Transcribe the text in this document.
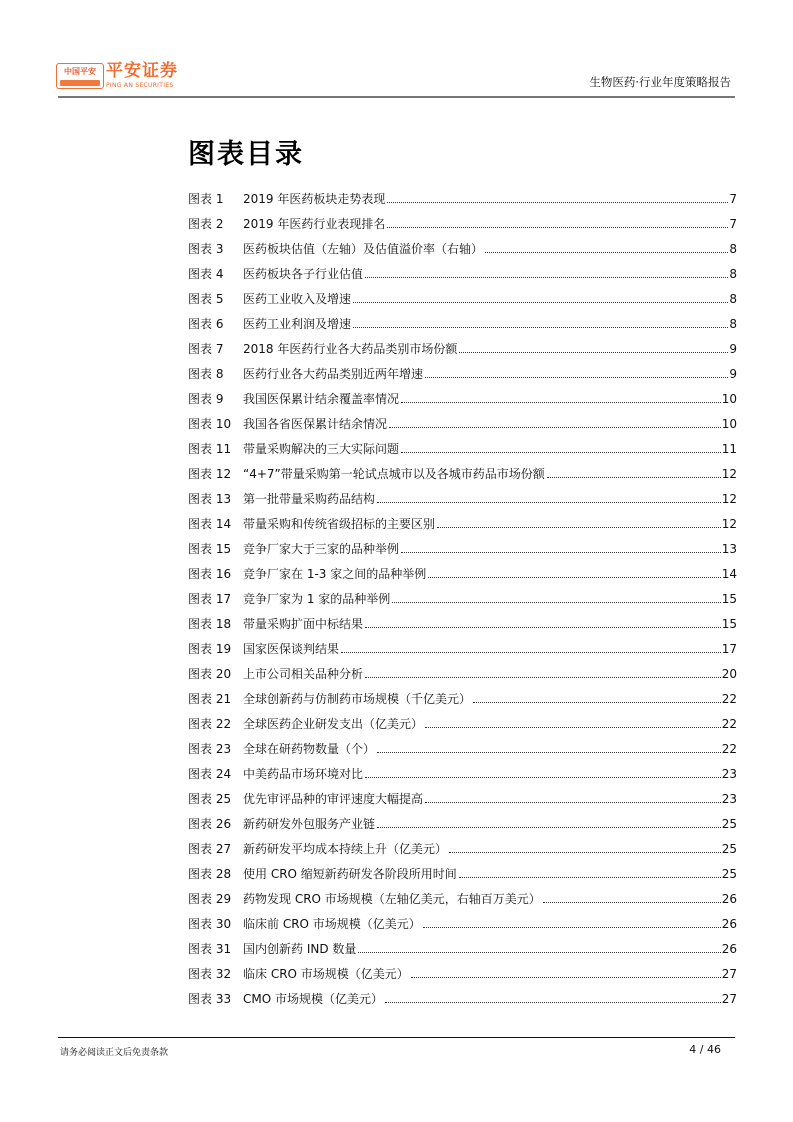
中国平安 平安证券
PING AN SECURITIES	生物医药·行业年度策略报告
图表目录
图表 1	2019 年医药板块走势表现	7
图表 2	2019 年医药行业表现排名	7
图表 3	医药板块估值（左轴）及估值溢价率（右轴）	8
图表 4	医药板块各子行业估值	8
图表 5	医药工业收入及增速	8
图表 6	医药工业利润及增速	8
图表 7	2018 年医药行业各大药品类别市场份额	9
图表 8	医药行业各大药品类别近两年增速	9
图表 9	我国医保累计结余覆盖率情况	10
图表 10 我国各省医保累计结余情况	10
图表 11 带量采购解决的三大实际问题	11
图表 12 “4+7”带量采购第一轮试点城市以及各城市药品市场份额	12
图表 13 第一批带量采购药品结构	12
图表 14 带量采购和传统省级招标的主要区别	12
图表 15 竞争厂家大于三家的品种举例	13
图表 16 竞争厂家在 1-3 家之间的品种举例	14
图表 17 竞争厂家为 1 家的品种举例	15
图表 18 带量采购扩面中标结果	15
图表 19 国家医保谈判结果	17
图表 20 上市公司相关品种分析	20
图表 21 全球创新药与仿制药市场规模（千亿美元）	22
图表 22 全球医药企业研发支出（亿美元）	22
图表 23 全球在研药物数量（个）	22
图表 24 中美药品市场环境对比	23
图表 25 优先审评品种的审评速度大幅提高	23
图表 26 新药研发外包服务产业链	25
图表 27 新药研发平均成本持续上升（亿美元）	25
图表 28 使用 CRO 缩短新药研发各阶段所用时间	25
图表 29 药物发现 CRO 市场规模（左轴亿美元，右轴百万美元）	26
图表 30 临床前 CRO 市场规模（亿美元）	26
图表 31 国内创新药 IND 数量	26
图表 32 临床 CRO 市场规模（亿美元）	27
图表 33 CMO 市场规模（亿美元）	27
请务必阅读正文后免责条款	4 / 46
